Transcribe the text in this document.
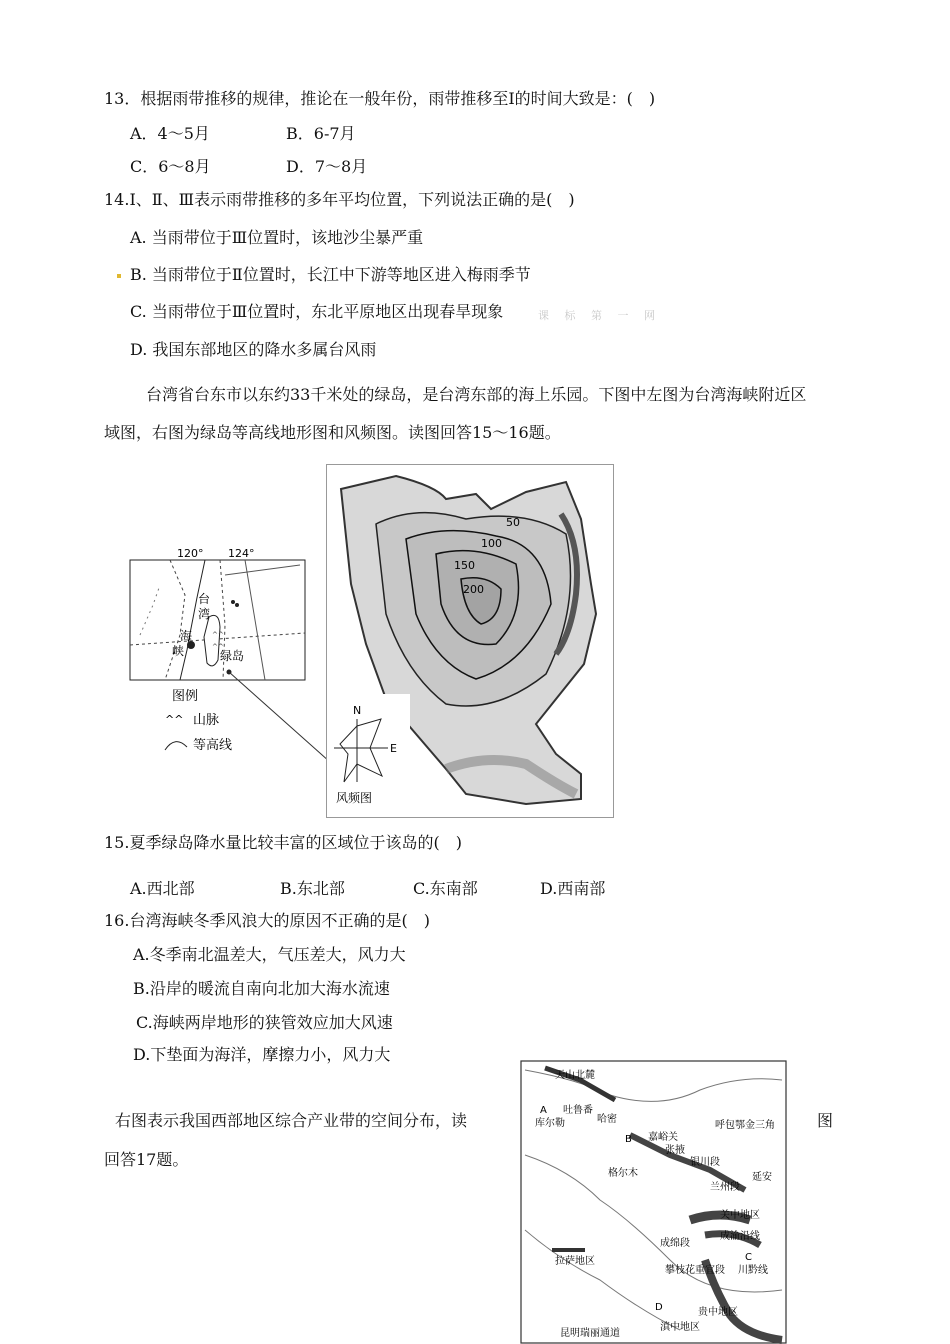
13．根据雨带推移的规律，推论在一般年份，雨带推移至Ⅰ的时间大致是：(　)
A．4～5月	B．6-7月
C．6～8月	D．7～8月
14.Ⅰ、Ⅱ、Ⅲ表示雨带推移的多年平均位置，下列说法正确的是(　)
A. 当雨带位于Ⅲ位置时，该地沙尘暴严重
B. 当雨带位于Ⅱ位置时，长江中下游等地区进入梅雨季节
C. 当雨带位于Ⅲ位置时，东北平原地区出现春旱现象	课 标 第 一 网
D. 我国东部地区的降水多属台风雨
台湾省台东市以东约33千米处的绿岛，是台湾东部的海上乐园。下图中左图为台湾海峡附近区
域图，右图为绿岛等高线地形图和风频图。读图回答15～16题。
120° 124°
^^
^^
台
湾
海
峡	绿岛
图例
^^ 山脉
等高线
50
100
150
200
N
E
风频图
15.夏季绿岛降水量比较丰富的区域位于该岛的(　)
A.西北部	B.东北部	C.东南部	D.西南部
16.台湾海峡冬季风浪大的原因不正确的是(　)
A.冬季南北温差大，气压差大，风力大
B.沿岸的暖流自南向北加大海水流速
C.海峡两岸地形的狭管效应加大风速
D.下垫面为海洋，摩擦力小，风力大
右图表示我国西部地区综合产业带的空间分布，读	图
回答17题。
天山北麓
A 吐鲁番
库尔勒	哈密
B 嘉峪关
张掖
银川段
呼包鄂金三角
格尔木
兰州段
延安
关中地区
成绵段
成渝沿线
拉萨地区	C
攀枝花重宜段 川黔线
D	贵中地区
昆明瑞丽通道
滇中地区
